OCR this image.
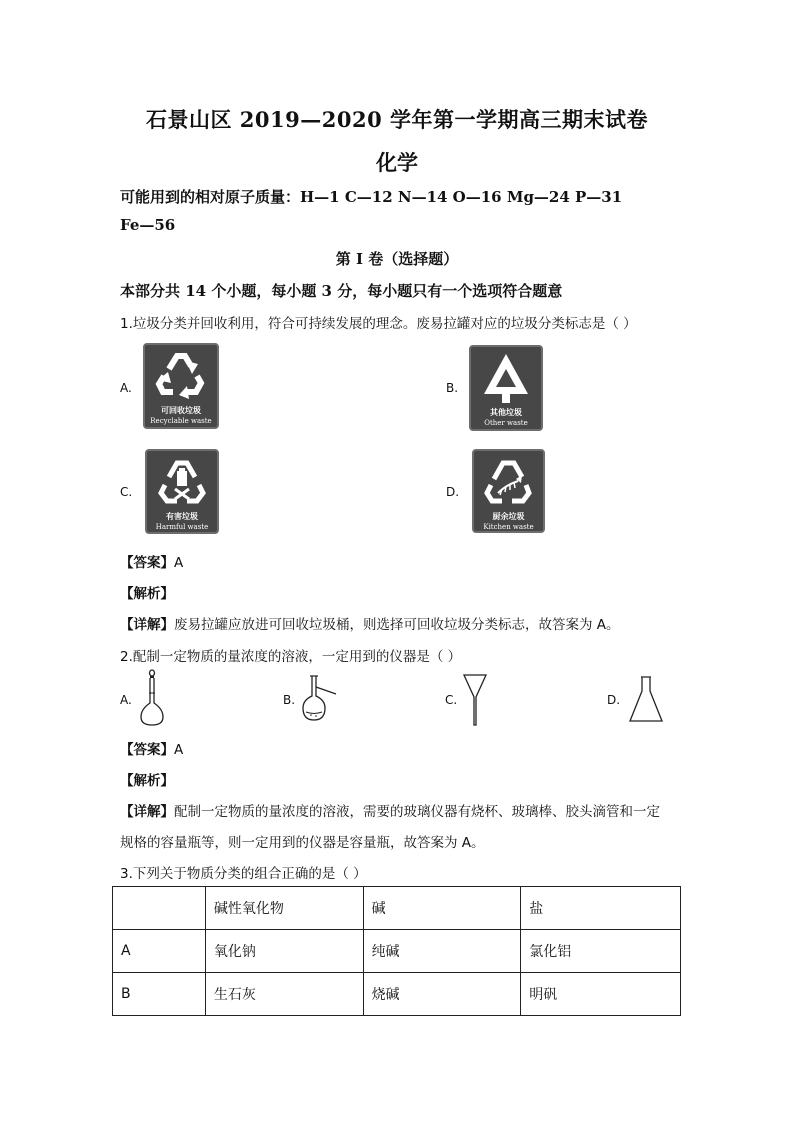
石景山区 2019—2020 学年第一学期高三期末试卷
化学
可能用到的相对原子质量：H—1 C—12 N—14 O—16 Mg—24 P—31
Fe—56
第 I 卷（选择题）
本部分共 14 个小题，每小题 3 分，每小题只有一个选项符合题意
1.垃圾分类并回收利用，符合可持续发展的理念。废易拉罐对应的垃圾分类标志是（ ）
A.
可回收垃圾
Recyclable waste
B.
其他垃圾
Other waste
C.
有害垃圾
Harmful waste
D.
厨余垃圾
Kitchen waste
【答案】A
【解析】
【详解】废易拉罐应放进可回收垃圾桶，则选择可回收垃圾分类标志，故答案为 A。
2.配制一定物质的量浓度的溶液，一定用到的仪器是（ ）
A.	B.	C.	D.
【答案】A
【解析】
【详解】配制一定物质的量浓度的溶液，需要的玻璃仪器有烧杯、玻璃棒、胶头滴管和一定
规格的容量瓶等，则一定用到的仪器是容量瓶，故答案为 A。
3.下列关于物质分类的组合正确的是（ ）
	碱性氧化物	碱	盐
A	氧化钠	纯碱	氯化铝
B	生石灰	烧碱	明矾
